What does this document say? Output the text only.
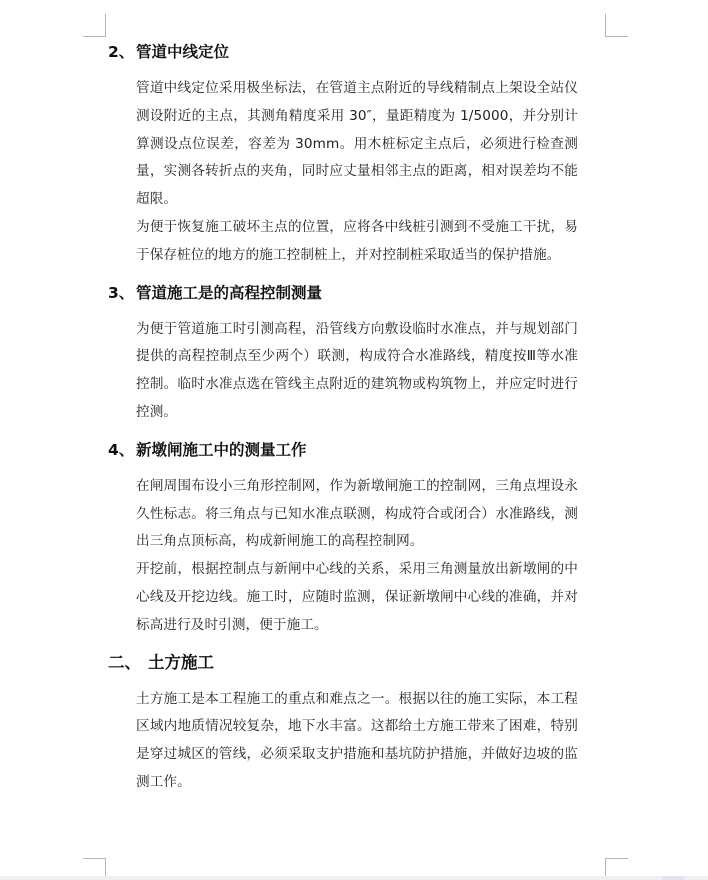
2、 管道中线定位

管道中线定位采用极坐标法，在管道主点附近的导线精制点上架设全站仪测设附近的主点，其测角精度采用 30″，量距精度为 1/5000，并分别计算测设点位误差，容差为 30mm。用木桩标定主点后，必须进行检查测量，实测各转折点的夹角，同时应丈量相邻主点的距离，相对误差均不能超限。

为便于恢复施工破坏主点的位置，应将各中线桩引测到不受施工干扰，易于保存桩位的地方的施工控制桩上，并对控制桩采取适当的保护措施。

3、 管道施工是的高程控制测量

为便于管道施工时引测高程，沿管线方向敷设临时水准点，并与规划部门提供的高程控制点至少两个）联测，构成符合水准路线，精度按Ⅲ等水准控制。临时水准点选在管线主点附近的建筑物或构筑物上，并应定时进行控测。

4、 新墩闸施工中的测量工作

在闸周围布设小三角形控制网，作为新墩闸施工的控制网，三角点埋设永久性标志。将三角点与已知水准点联测，构成符合或闭合）水准路线，测出三角点顶标高，构成新闸施工的高程控制网。

开挖前，根据控制点与新闸中心线的关系，采用三角测量放出新墩闸的中心线及开挖边线。施工时，应随时监测，保证新墩闸中心线的准确，并对标高进行及时引测，便于施工。

二、 土方施工

土方施工是本工程施工的重点和难点之一。根据以往的施工实际，本工程区域内地质情况较复杂，地下水丰富。这都给土方施工带来了困难，特别是穿过城区的管线，必须采取支护措施和基坑防护措施，并做好边坡的监测工作。
